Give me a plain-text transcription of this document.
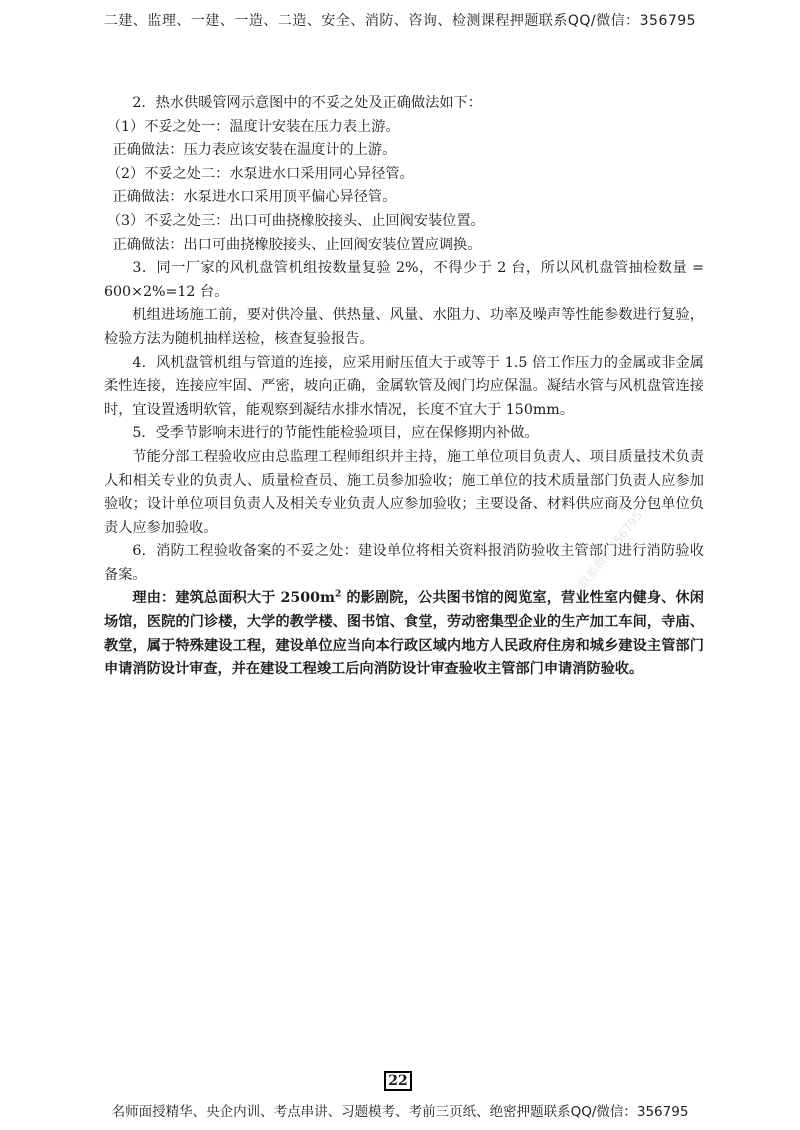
二建、监理、一建、一造、二造、安全、消防、咨询、检测课程押题联系QQ/微信：356795

2．热水供暖管网示意图中的不妥之处及正确做法如下：

（1）不妥之处一：温度计安装在压力表上游。

正确做法：压力表应该安装在温度计的上游。

（2）不妥之处二：水泵进水口采用同心异径管。

正确做法：水泵进水口采用顶平偏心异径管。

（3）不妥之处三：出口可曲挠橡胶接头、止回阀安装位置。

正确做法：出口可曲挠橡胶接头、止回阀安装位置应调换。

3．同一厂家的风机盘管机组按数量复验 2%，不得少于 2 台，所以风机盘管抽检数量 = 600×2%=12 台。

机组进场施工前，要对供冷量、供热量、风量、水阻力、功率及噪声等性能参数进行复验，检验方法为随机抽样送检，核查复验报告。

4．风机盘管机组与管道的连接，应采用耐压值大于或等于 1.5 倍工作压力的金属或非金属柔性连接，连接应牢固、严密，坡向正确，金属软管及阀门均应保温。凝结水管与风机盘管连接时，宜设置透明软管，能观察到凝结水排水情况，长度不宜大于 150mm。

5．受季节影响未进行的节能性能检验项目，应在保修期内补做。

节能分部工程验收应由总监理工程师组织并主持，施工单位项目负责人、项目质量技术负责人和相关专业的负责人、质量检查员、施工员参加验收；施工单位的技术质量部门负责人应参加验收；设计单位项目负责人及相关专业负责人应参加验收；主要设备、材料供应商及分包单位负责人应参加验收。

6．消防工程验收备案的不妥之处：建设单位将相关资料报消防验收主管部门进行消防验收备案。

理由：建筑总面积大于 $2500m^2$ 的影剧院，公共图书馆的阅览室，营业性室内健身、休闲场馆，医院的门诊楼，大学的教学楼、图书馆、食堂，劳动密集型企业的生产加工车间，寺庙、教堂，属于特殊建设工程，建设单位应当向本行政区域内地方人民政府住房和城乡建设主管部门申请消防设计审查，并在建设工程竣工后向消防设计审查验收主管部门申请消防验收。

唯一联系微信356795
22
名师面授精华、央企内训、考点串讲、习题模考、考前三页纸、绝密押题联系QQ/微信：356795
